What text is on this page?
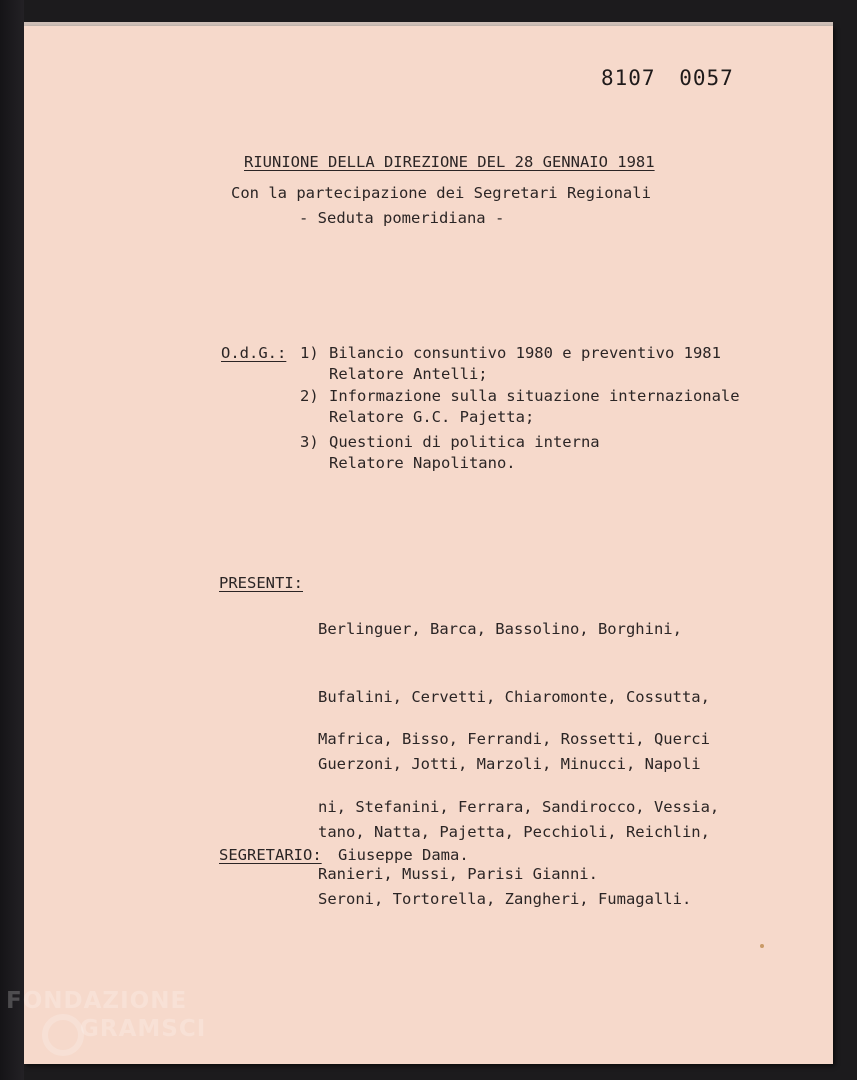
8107 0057
RIUNIONE DELLA DIREZIONE DEL 28 GENNAIO 1981
Con la partecipazione dei Segretari Regionali
- Seduta pomeridiana -
O.d.G.: 1) Bilancio consuntivo 1980 e preventivo 1981
Relatore Antelli;
2) Informazione sulla situazione internazionale
Relatore G.C. Pajetta;
3) Questioni di politica interna
Relatore Napolitano.
PRESENTI:

Berlinguer, Barca, Bassolino, Borghini,

Bufalini, Cervetti, Chiaromonte, Cossutta,

Guerzoni, Jotti, Marzoli, Minucci, Napoli

tano, Natta, Pajetta, Pecchioli, Reichlin,

Seroni, Tortorella, Zangheri, Fumagalli.

Mafrica, Bisso, Ferrandi, Rossetti, Querci

ni, Stefanini, Ferrara, Sandirocco, Vessia,

Ranieri, Mussi, Parisi Gianni.

SEGRETARIO: Giuseppe Dama.
FONDAZIONE
GRAMSCI
